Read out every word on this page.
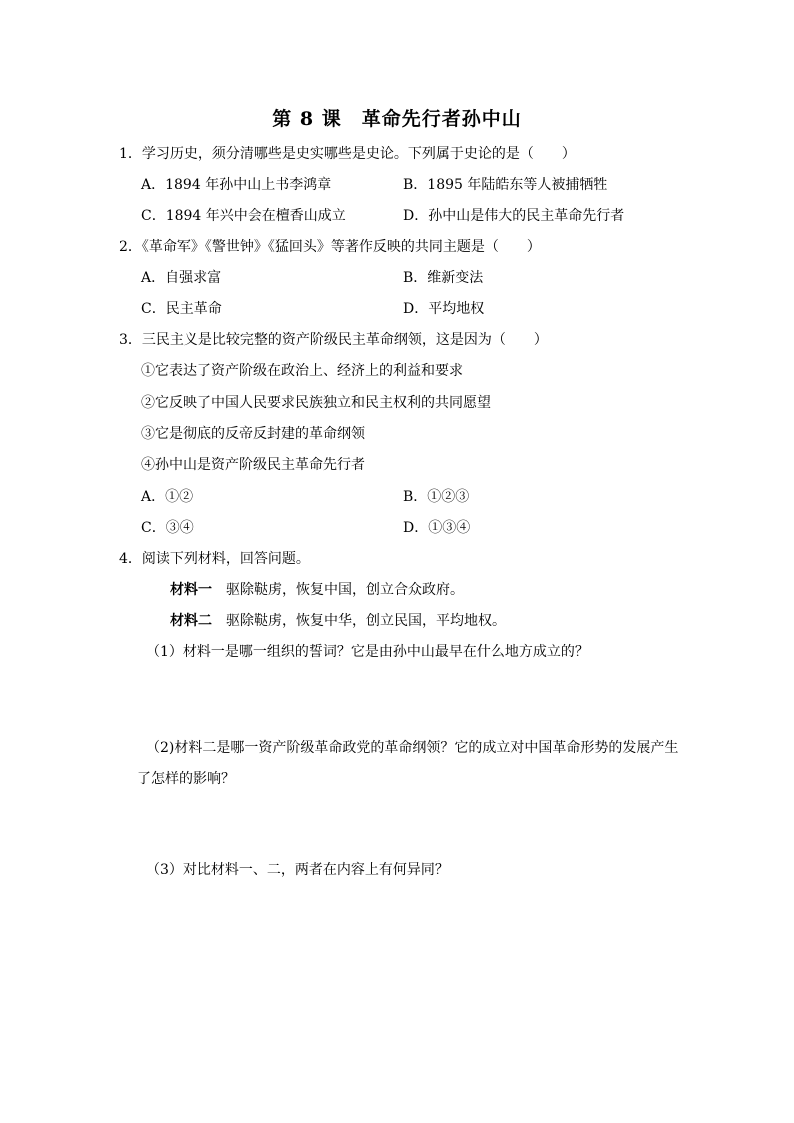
第 8 课　革命先行者孙中山
1．学习历史，须分清哪些是史实哪些是史论。下列属于史论的是（　　）
A．1894 年孙中山上书李鸿章	B．1895 年陆皓东等人被捕牺牲
C．1894 年兴中会在檀香山成立	D．孙中山是伟大的民主革命先行者
2．《革命军》《警世钟》《猛回头》等著作反映的共同主题是（　　）
A．自强求富	B．维新变法
C．民主革命	D．平均地权
3．三民主义是比较完整的资产阶级民主革命纲领，这是因为（　　）
①它表达了资产阶级在政治上、经济上的利益和要求
②它反映了中国人民要求民族独立和民主权利的共同愿望
③它是彻底的反帝反封建的革命纲领
④孙中山是资产阶级民主革命先行者
A．①②	B．①②③
C．③④	D．①③④
4．阅读下列材料，回答问题。
材料一　 驱除鞑虏，恢复中国，创立合众政府。
材料二　 驱除鞑虏，恢复中华，创立民国，平均地权。
（1）材料一是哪一组织的誓词？它是由孙中山最早在什么地方成立的？
（2)材料二是哪一资产阶级革命政党的革命纲领？它的成立对中国革命形势的发展产生
了怎样的影响？
（3）对比材料一、二，两者在内容上有何异同？
